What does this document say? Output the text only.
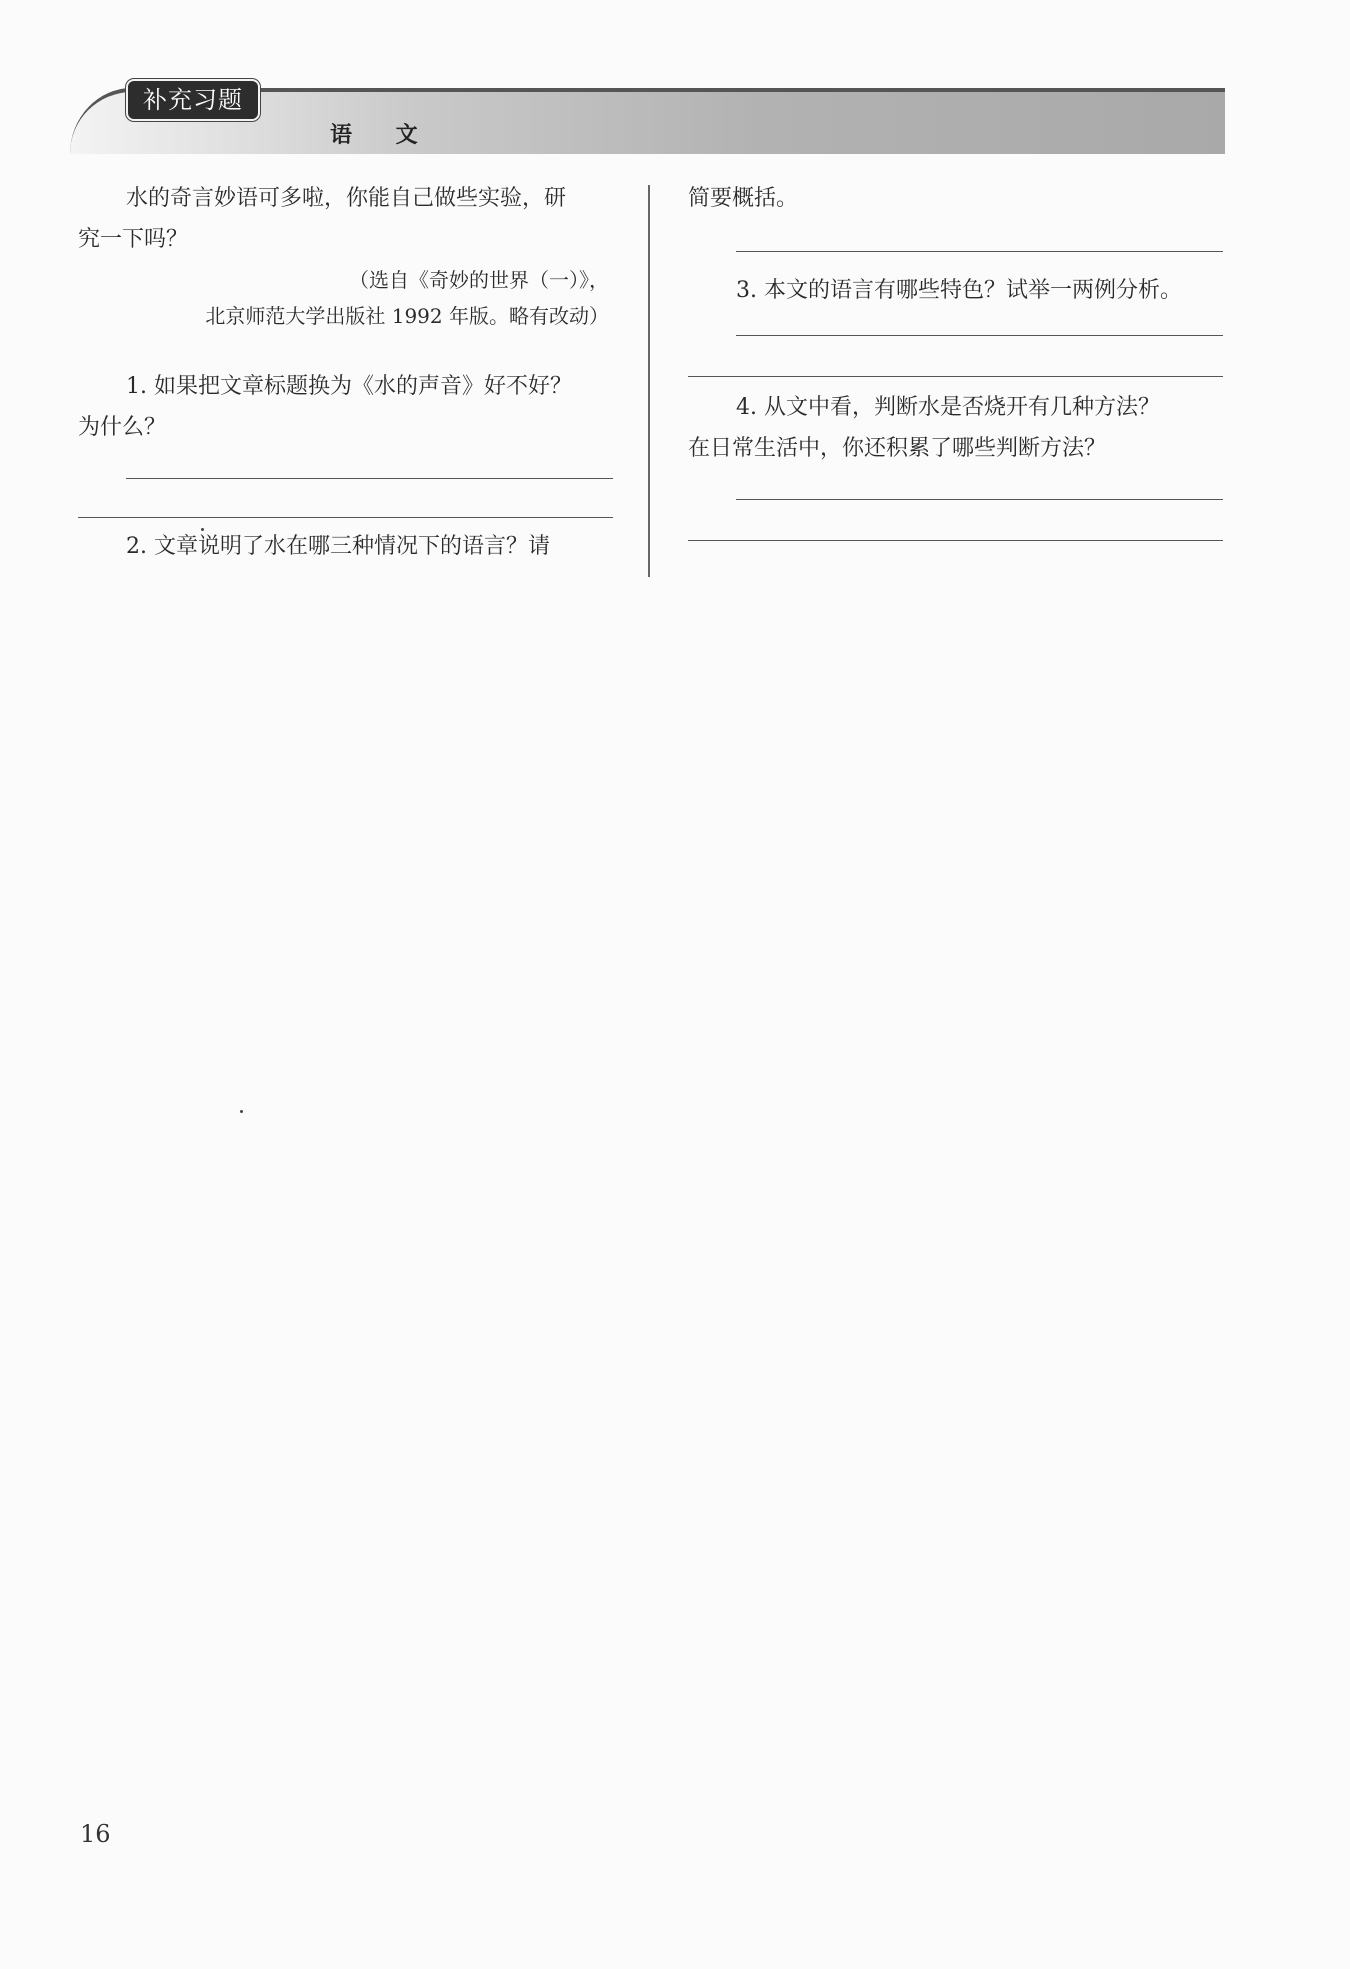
补充习题
语 文

水的奇言妙语可多啦，你能自己做些实验，研

究一下吗？

（选自《奇妙的世界（一）》，

北京师范大学出版社 1992 年版。略有改动）

1. 如果把文章标题换为《水的声音》好不好？

为什么？

2. 文章说明了水在哪三种情况下的语言？请

简要概括。

3. 本文的语言有哪些特色？试举一两例分析。

4. 从文中看，判断水是否烧开有几种方法？

在日常生活中，你还积累了哪些判断方法？

16
